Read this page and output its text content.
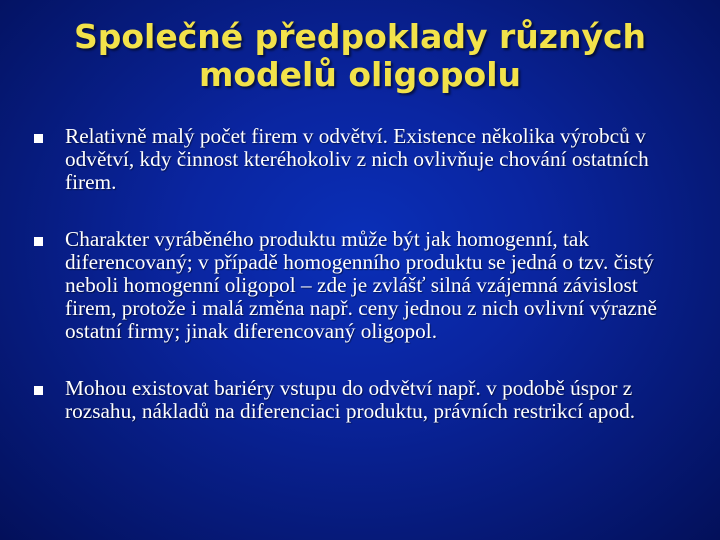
Společné předpoklady různých
modelů oligopolu
Relativně malý počet firem v odvětví. Existence několika výrobců v odvětví, kdy činnost kteréhokoliv z nich ovlivňuje chování ostatních firem.
Charakter vyráběného produktu může být jak homogenní, tak diferencovaný; v případě homogenního produktu se jedná o tzv. čistý neboli homogenní oligopol – zde je zvlášť silná vzájemná závislost firem, protože i malá změna např. ceny jednou z nich ovlivní výrazně ostatní firmy; jinak diferencovaný oligopol.
Mohou existovat bariéry vstupu do odvětví např. v podobě úspor z rozsahu, nákladů na diferenciaci produktu, právních restrikcí apod.
